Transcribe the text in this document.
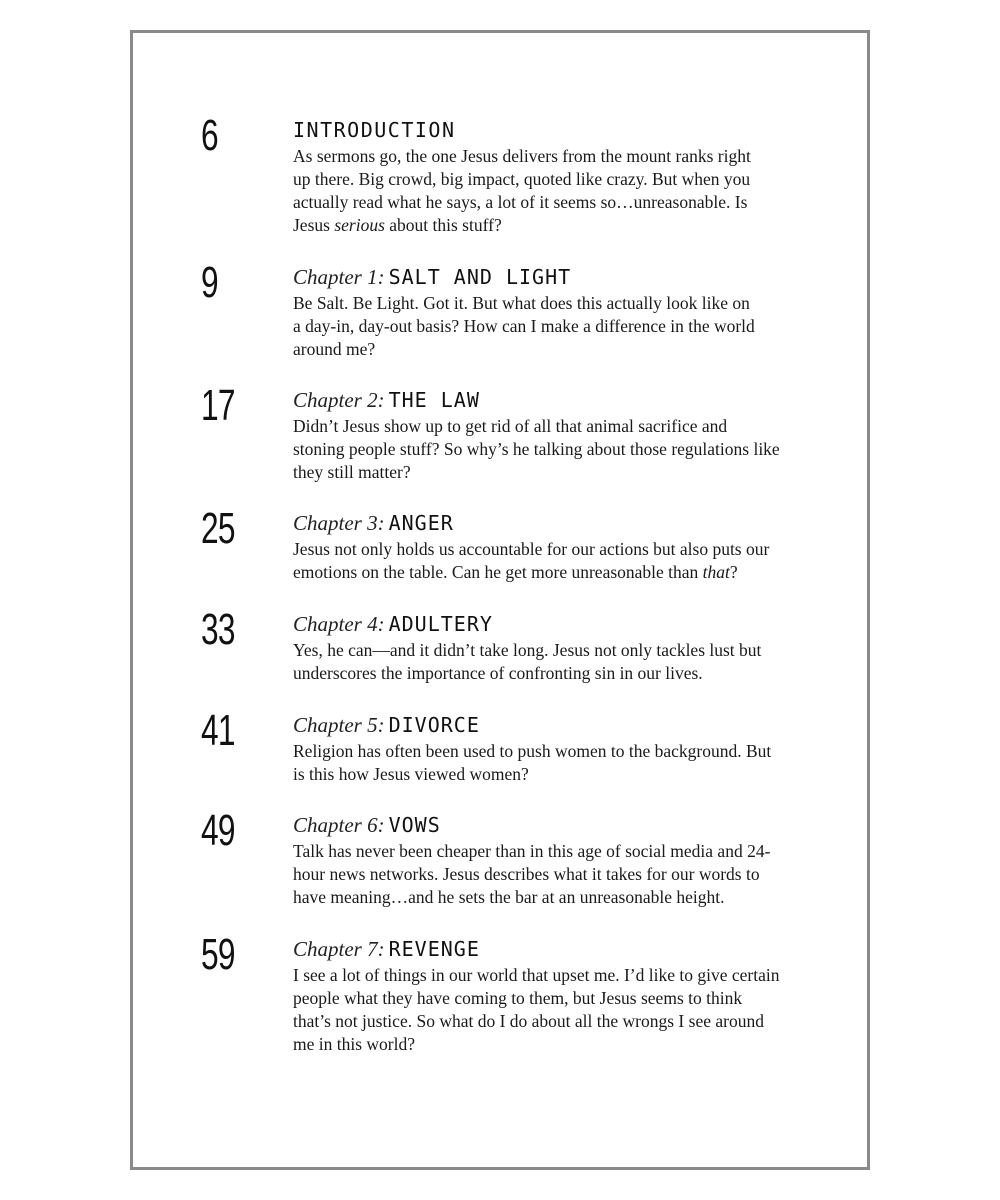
6	INTRODUCTION

As sermons go, the one Jesus delivers from the mount ranks right
up there. Big crowd, big impact, quoted like crazy. But when you
actually read what he says, a lot of it seems so…unreasonable. Is
Jesus serious about this stuff?

9	Chapter 1: SALT AND LIGHT

Be Salt. Be Light. Got it. But what does this actually look like on
a day-in, day-out basis? How can I make a difference in the world
around me?

17	Chapter 2: THE LAW

Didn’t Jesus show up to get rid of all that animal sacrifice and
stoning people stuff? So why’s he talking about those regulations like
they still matter?

25	Chapter 3: ANGER

Jesus not only holds us accountable for our actions but also puts our
emotions on the table. Can he get more unreasonable than that?

33	Chapter 4: ADULTERY

Yes, he can—and it didn’t take long. Jesus not only tackles lust but
underscores the importance of confronting sin in our lives.

41	Chapter 5: DIVORCE

Religion has often been used to push women to the background. But
is this how Jesus viewed women?

49	Chapter 6: VOWS

Talk has never been cheaper than in this age of social media and 24-
hour news networks. Jesus describes what it takes for our words to
have meaning…and he sets the bar at an unreasonable height.

59	Chapter 7: REVENGE

I see a lot of things in our world that upset me. I’d like to give certain
people what they have coming to them, but Jesus seems to think
that’s not justice. So what do I do about all the wrongs I see around
me in this world?
